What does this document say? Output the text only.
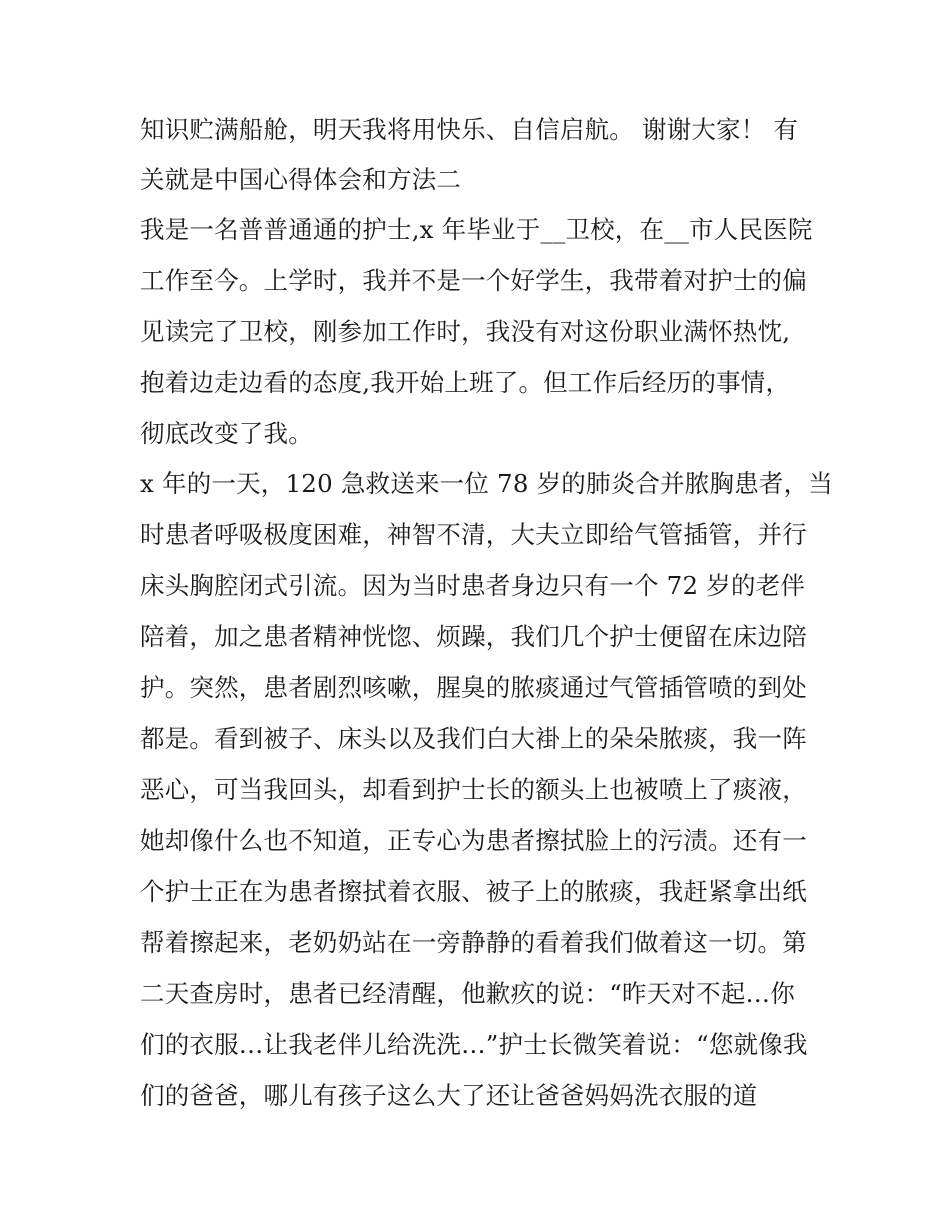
知识贮满船舱，明天我将用快乐、自信启航。 谢谢大家！ 有
关就是中国心得体会和方法二
我是一名普普通通的护士,x 年毕业于__卫校，在__市人民医院
工作至今。上学时，我并不是一个好学生，我带着对护士的偏
见读完了卫校，刚参加工作时，我没有对这份职业满怀热忱,
抱着边走边看的态度,我开始上班了。但工作后经历的事情，
彻底改变了我。
x 年的一天，120 急救送来一位 78 岁的肺炎合并脓胸患者，当
时患者呼吸极度困难，神智不清，大夫立即给气管插管，并行
床头胸腔闭式引流。因为当时患者身边只有一个 72 岁的老伴
陪着，加之患者精神恍惚、烦躁，我们几个护士便留在床边陪
护。突然，患者剧烈咳嗽，腥臭的脓痰通过气管插管喷的到处
都是。看到被子、床头以及我们白大褂上的朵朵脓痰，我一阵
恶心，可当我回头，却看到护士长的额头上也被喷上了痰液，
她却像什么也不知道，正专心为患者擦拭脸上的污渍。还有一
个护士正在为患者擦拭着衣服、被子上的脓痰，我赶紧拿出纸
帮着擦起来，老奶奶站在一旁静静的看着我们做着这一切。第
二天查房时，患者已经清醒，他歉疚的说：“昨天对不起…你
们的衣服…让我老伴儿给洗洗…”护士长微笑着说：“您就像我
们的爸爸，哪儿有孩子这么大了还让爸爸妈妈洗衣服的道
